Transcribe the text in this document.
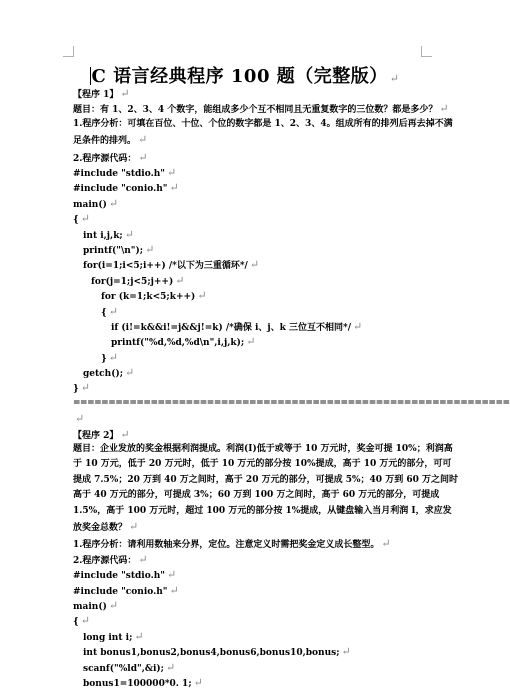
C 语言经典程序 100 题（完整版） ↵
【程序 1】 ↵
题目：有 1、2、3、4 个数字，能组成多少个互不相同且无重复数字的三位数？都是多少？ ↵
1.程序分析：可填在百位、十位、个位的数字都是 1、2、3、4。组成所有的排列后再去掉不满足条件的排列。 ↵
2.程序源代码： ↵
#include "stdio.h" ↵
#include "conio.h" ↵
main() ↵
{ ↵
int i,j,k; ↵
printf("\n"); ↵
for(i=1;i<5;i++) /*以下为三重循环*/ ↵
for(j=1;j<5;j++) ↵
for (k=1;k<5;k++) ↵
{ ↵
if (i!=k&&i!=j&&j!=k) /*确保 i、j、k 三位互不相同*/ ↵
printf("%d,%d,%d\n",i,j,k); ↵
} ↵
getch(); ↵
} ↵
==============================================================
↵
【程序 2】 ↵
题目：企业发放的奖金根据利润提成。利润(I)低于或等于 10 万元时，奖金可提 10%；利润高于 10 万元，低于 20 万元时，低于 10 万元的部分按 10%提成，高于 10 万元的部分，可可提成 7.5%；20 万到 40 万之间时，高于 20 万元的部分，可提成 5%；40 万到 60 万之间时高于 40 万元的部分，可提成 3%；60 万到 100 万之间时，高于 60 万元的部分，可提成 1.5%，高于 100 万元时，超过 100 万元的部分按 1%提成，从键盘输入当月利润 I，求应发放奖金总数？ ↵
1.程序分析：请利用数轴来分界，定位。注意定义时需把奖金定义成长整型。 ↵
2.程序源代码： ↵
#include "stdio.h" ↵
#include "conio.h" ↵
main() ↵
{ ↵
long int i; ↵
int bonus1,bonus2,bonus4,bonus6,bonus10,bonus; ↵
scanf("%ld",&i); ↵
bonus1=100000*0. 1; ↵
